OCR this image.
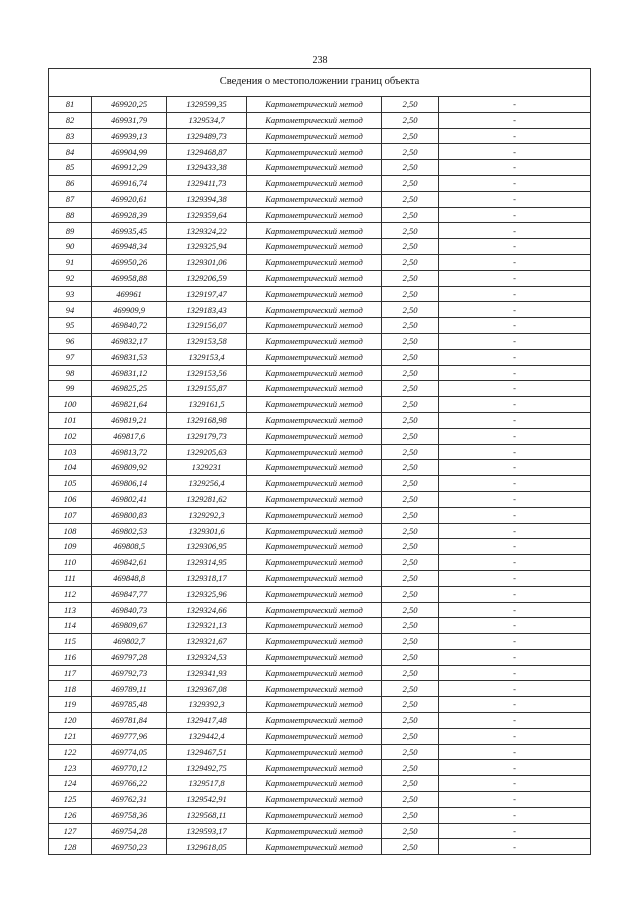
238
Сведения о местоположении границ объекта					
81	469920,25	1329599,35	Картометрический метод	2,50	-
82	469931,79	1329534,7	Картометрический метод	2,50	-
83	469939,13	1329489,73	Картометрический метод	2,50	-
84	469904,99	1329468,87	Картометрический метод	2,50	-
85	469912,29	1329433,38	Картометрический метод	2,50	-
86	469916,74	1329411,73	Картометрический метод	2,50	-
87	469920,61	1329394,38	Картометрический метод	2,50	-
88	469928,39	1329359,64	Картометрический метод	2,50	-
89	469935,45	1329324,22	Картометрический метод	2,50	-
90	469948,34	1329325,94	Картометрический метод	2,50	-
91	469950,26	1329301,06	Картометрический метод	2,50	-
92	469958,88	1329206,59	Картометрический метод	2,50	-
93	469961	1329197,47	Картометрический метод	2,50	-
94	469909,9	1329183,43	Картометрический метод	2,50	-
95	469840,72	1329156,07	Картометрический метод	2,50	-
96	469832,17	1329153,58	Картометрический метод	2,50	-
97	469831,53	1329153,4	Картометрический метод	2,50	-
98	469831,12	1329153,56	Картометрический метод	2,50	-
99	469825,25	1329155,87	Картометрический метод	2,50	-
100	469821,64	1329161,5	Картометрический метод	2,50	-
101	469819,21	1329168,98	Картометрический метод	2,50	-
102	469817,6	1329179,73	Картометрический метод	2,50	-
103	469813,72	1329205,63	Картометрический метод	2,50	-
104	469809,92	1329231	Картометрический метод	2,50	-
105	469806,14	1329256,4	Картометрический метод	2,50	-
106	469802,41	1329281,62	Картометрический метод	2,50	-
107	469800,83	1329292,3	Картометрический метод	2,50	-
108	469802,53	1329301,6	Картометрический метод	2,50	-
109	469808,5	1329306,95	Картометрический метод	2,50	-
110	469842,61	1329314,95	Картометрический метод	2,50	-
111	469848,8	1329318,17	Картометрический метод	2,50	-
112	469847,77	1329325,96	Картометрический метод	2,50	-
113	469840,73	1329324,66	Картометрический метод	2,50	-
114	469809,67	1329321,13	Картометрический метод	2,50	-
115	469802,7	1329321,67	Картометрический метод	2,50	-
116	469797,28	1329324,53	Картометрический метод	2,50	-
117	469792,73	1329341,93	Картометрический метод	2,50	-
118	469789,11	1329367,08	Картометрический метод	2,50	-
119	469785,48	1329392,3	Картометрический метод	2,50	-
120	469781,84	1329417,48	Картометрический метод	2,50	-
121	469777,96	1329442,4	Картометрический метод	2,50	-
122	469774,05	1329467,51	Картометрический метод	2,50	-
123	469770,12	1329492,75	Картометрический метод	2,50	-
124	469766,22	1329517,8	Картометрический метод	2,50	-
125	469762,31	1329542,91	Картометрический метод	2,50	-
126	469758,36	1329568,11	Картометрический метод	2,50	-
127	469754,28	1329593,17	Картометрический метод	2,50	-
128	469750,23	1329618,05	Картометрический метод	2,50	-
